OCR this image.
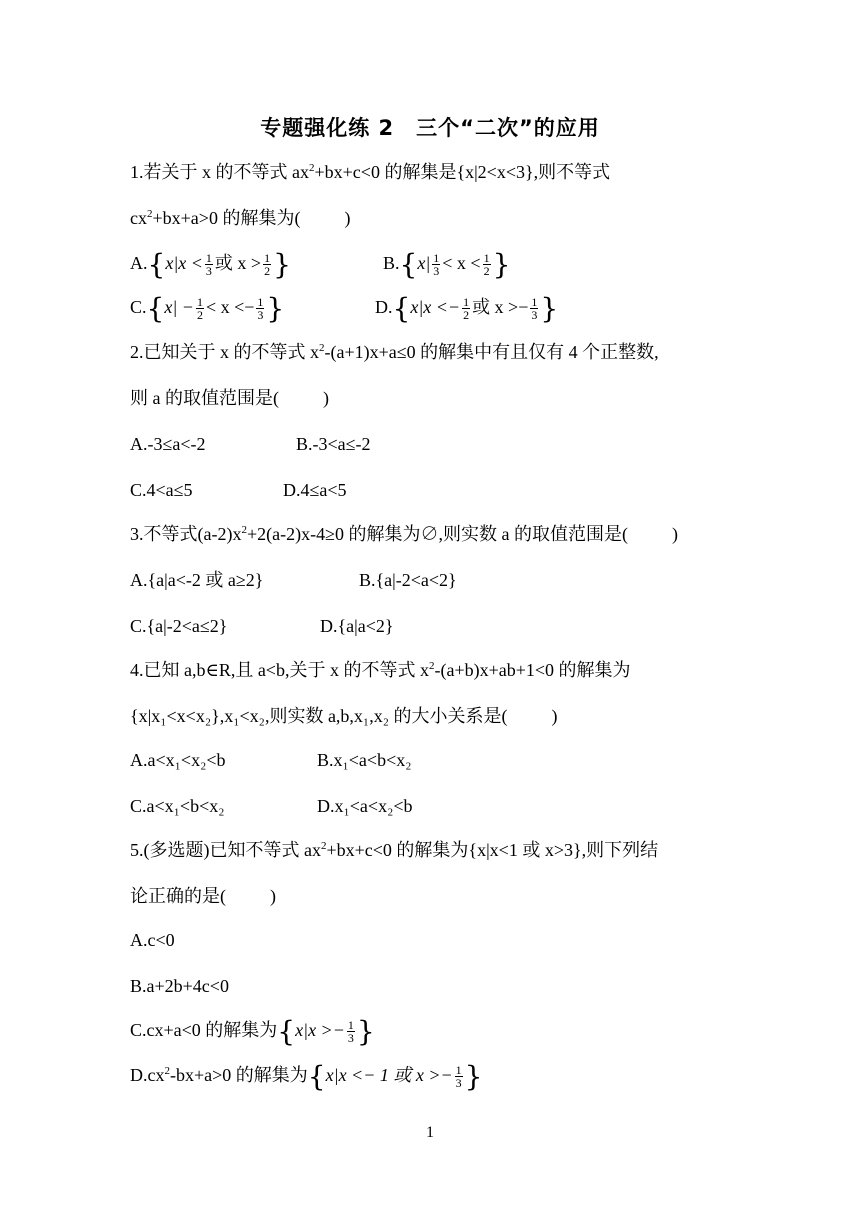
专题强化练 2　三个“二次”的应用
1.若关于 x 的不等式 $ax^2+bx+c<0$ 的解集是{x|2<x<3},则不等式
$cx^2+bx+a>0$ 的解集为( )
$A.\{x|x < \frac{1}{3}$ 或 $x > \frac{1}{2}$ }	$B.\{x| \frac{1}{3} < x < \frac{1}{2}$ }
$C.\{x| - \frac{1}{2} < x <- \frac{1}{3}$ }	$D.\{x|x <- \frac{1}{2}$ 或 $x >- \frac{1}{3}$ }
2.已知关于 x 的不等式 $x^2-(a+1)x+a\le 0$ 的解集中有且仅有 4 个正整数,
则 a 的取值范围是( )
A.-3≤a<-2	B.-3<a≤-2
C.4<a≤5	D.4≤a<5
3.不等式$(a-2)x^2+2(a-2)x-4\ge 0$ 的解集为∅,则实数 a 的取值范围是( )
A.{a|a<-2 或 a≥2}	B.{a|-2<a<2}
C.{a|-2<a≤2}	D.{a|a<2}
4.已知 a,b∈R,且 a<b,关于 x 的不等式 $x^2-(a+b)x+ab+1<0$ 的解集为
{x|x₁<x<x₂},x₁<x₂,则实数 a,b,x₁,x₂ 的大小关系是( )
A.a<x₁<x₂<b	B.x₁<a<b<x₂
C.a<x₁<b<x₂	D.x₁<a<x₂<b
5.(多选题)已知不等式 $ax^2+bx+c<0$ 的解集为{x|x<1 或 x>3},则下列结
论正确的是( )
A.c<0
B.a+2b+4c<0
C.cx+a<0 的解集为{$x|x >- \frac{1}{3}$ }
$D.cx^2-bx+a>0$ 的解集为{x|x <− 1 或 $x >- \frac{1}{3}$ }
1
